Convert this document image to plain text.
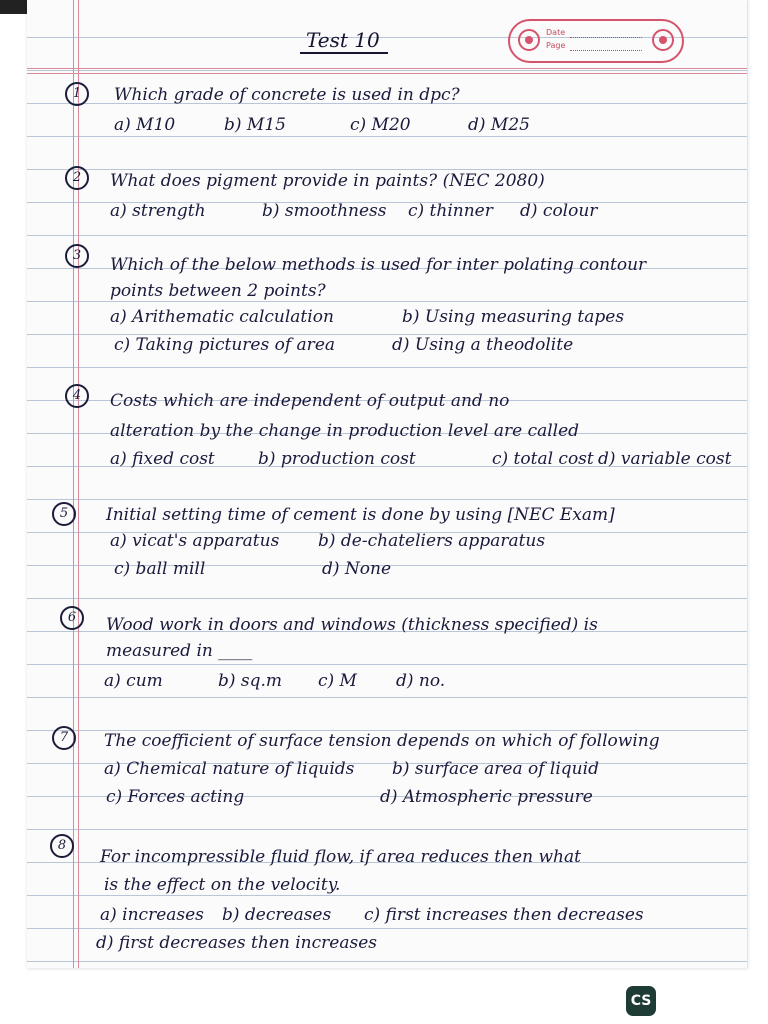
Test 10	Date
Page
1	Which grade of concrete is used in dpc?
a) M10	b) M15	c) M20	d) M25
2	What does pigment provide in paints? (NEC 2080)
a) strength	b) smoothness c) thinner d) colour
3	Which of the below methods is used for inter polating contour
points between 2 points?
a) Arithematic calculation	b) Using measuring tapes
c) Taking pictures of area	d) Using a theodolite
4	Costs which are independent of output and no
alteration by the change in production level are called
a) fixed cost	b) production cost	c) total cost d) variable cost
5	Initial setting time of cement is done by using [NEC Exam]
a) vicat's apparatus b) de-chateliers apparatus
c) ball mill	d) None
6	Wood work in doors and windows (thickness specified) is
measured in ____
a) cum	b) sq.m c) M d) no.
7	The coefficient of surface tension depends on which of following
a) Chemical nature of liquids b) surface area of liquid
c) Forces acting	d) Atmospheric pressure
8
For incompressible fluid flow, if area reduces then what
is the effect on the velocity.
a) increases b) decreases c) first increases then decreases
d) first decreases then increases
CS
